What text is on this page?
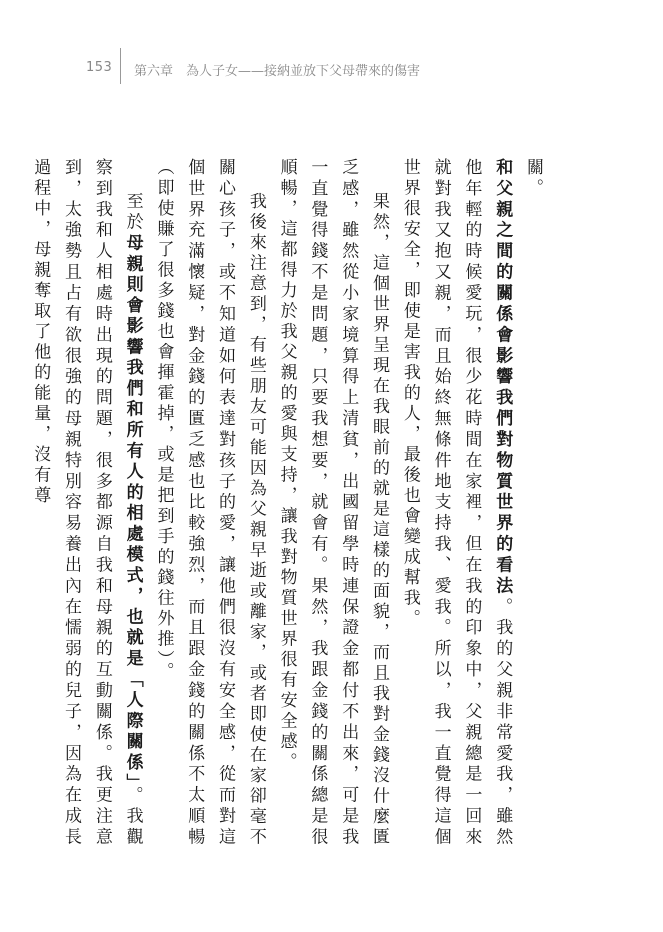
153 第六章　為人子女——接納並放下父母帶來的傷害

關。

和父親之間的關係會影響我們對物質世界的看法。我的父親非常愛我，雖然他年輕的時候愛玩，很少花時間在家裡，但在我的印象中，父親總是一回來就對我又抱又親，而且始終無條件地支持我、愛我。所以，我一直覺得這個世界很安全，即使是害我的人，最後也會變成幫我。

果然，這個世界呈現在我眼前的就是這樣的面貌，而且我對金錢沒什麼匱乏感，雖然從小家境算得上清貧，出國留學時連保證金都付不出來，可是我一直覺得錢不是問題，只要我想要，就會有。果然，我跟金錢的關係總是很順暢，這都得力於我父親的愛與支持，讓我對物質世界很有安全感。

我後來注意到，有些朋友可能因為父親早逝或離家，或者即使在家卻毫不關心孩子，或不知道如何表達對孩子的愛，讓他們很沒有安全感，從而對這個世界充滿懷疑，對金錢的匱乏感也比較強烈，而且跟金錢的關係不太順暢（即使賺了很多錢也會揮霍掉，或是把到手的錢往外推）。

至於母親則會影響我們和所有人的相處模式，也就是「人際關係」。我觀察到我和人相處時出現的問題，很多都源自我和母親的互動關係。我更注意到，太強勢且占有欲很強的母親特別容易養出內在懦弱的兒子，因為在成長過程中，母親奪取了他的能量，沒有尊
